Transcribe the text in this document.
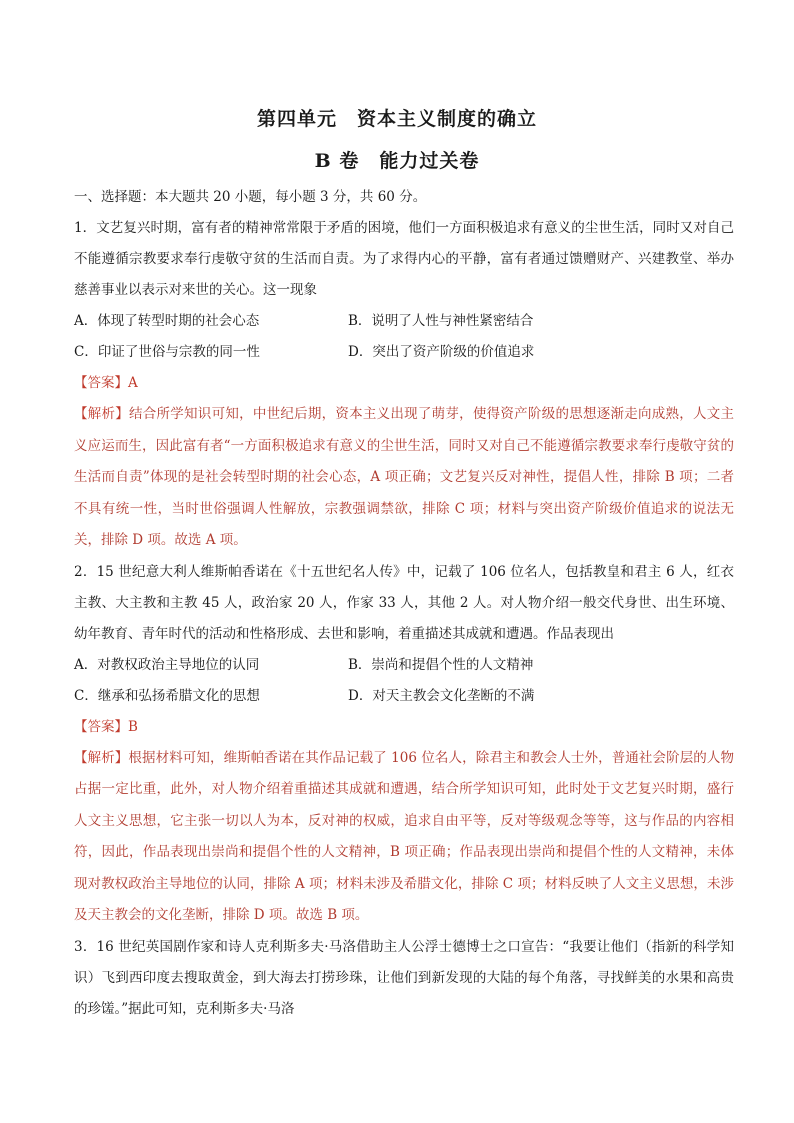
第四单元　资本主义制度的确立
B 卷　能力过关卷
一、选择题：本大题共 20 小题，每小题 3 分，共 60 分。
1．文艺复兴时期，富有者的精神常常限于矛盾的困境，他们一方面积极追求有意义的尘世生活，同时又对自己不能遵循宗教要求奉行虔敬守贫的生活而自责。为了求得内心的平静，富有者通过馈赠财产、兴建教堂、举办慈善事业以表示对来世的关心。这一现象
A．体现了转型时期的社会心态	B．说明了人性与神性紧密结合
C．印证了世俗与宗教的同一性	D．突出了资产阶级的价值追求
【答案】A
【解析】结合所学知识可知，中世纪后期，资本主义出现了萌芽，使得资产阶级的思想逐渐走向成熟，人文主义应运而生，因此富有者“一方面积极追求有意义的尘世生活，同时又对自己不能遵循宗教要求奉行虔敬守贫的生活而自责”体现的是社会转型时期的社会心态，A 项正确；文艺复兴反对神性，提倡人性，排除 B 项；二者不具有统一性，当时世俗强调人性解放，宗教强调禁欲，排除 C 项；材料与突出资产阶级价值追求的说法无关，排除 D 项。故选 A 项。
2．15 世纪意大利人维斯帕香诺在《十五世纪名人传》中，记载了 106 位名人，包括教皇和君主 6 人，红衣主教、大主教和主教 45 人，政治家 20 人，作家 33 人，其他 2 人。对人物介绍一般交代身世、出生环境、幼年教育、青年时代的活动和性格形成、去世和影响，着重描述其成就和遭遇。作品表现出
A．对教权政治主导地位的认同	B．崇尚和提倡个性的人文精神
C．继承和弘扬希腊文化的思想	D．对天主教会文化垄断的不满
【答案】B
【解析】根据材料可知，维斯帕香诺在其作品记载了 106 位名人，除君主和教会人士外，普通社会阶层的人物占据一定比重，此外，对人物介绍着重描述其成就和遭遇，结合所学知识可知，此时处于文艺复兴时期，盛行人文主义思想，它主张一切以人为本，反对神的权威，追求自由平等，反对等级观念等等，这与作品的内容相符，因此，作品表现出崇尚和提倡个性的人文精神，B 项正确；作品表现出崇尚和提倡个性的人文精神，未体现对教权政治主导地位的认同，排除 A 项；材料未涉及希腊文化，排除 C 项；材料反映了人文主义思想，未涉及天主教会的文化垄断，排除 D 项。故选 B 项。
3．16 世纪英国剧作家和诗人克利斯多夫·马洛借助主人公浮士德博士之口宣告：“我要让他们（指新的科学知识）飞到西印度去搜取黄金，到大海去打捞珍珠，让他们到新发现的大陆的每个角落，寻找鲜美的水果和高贵的珍馐。”据此可知，克利斯多夫·马洛
